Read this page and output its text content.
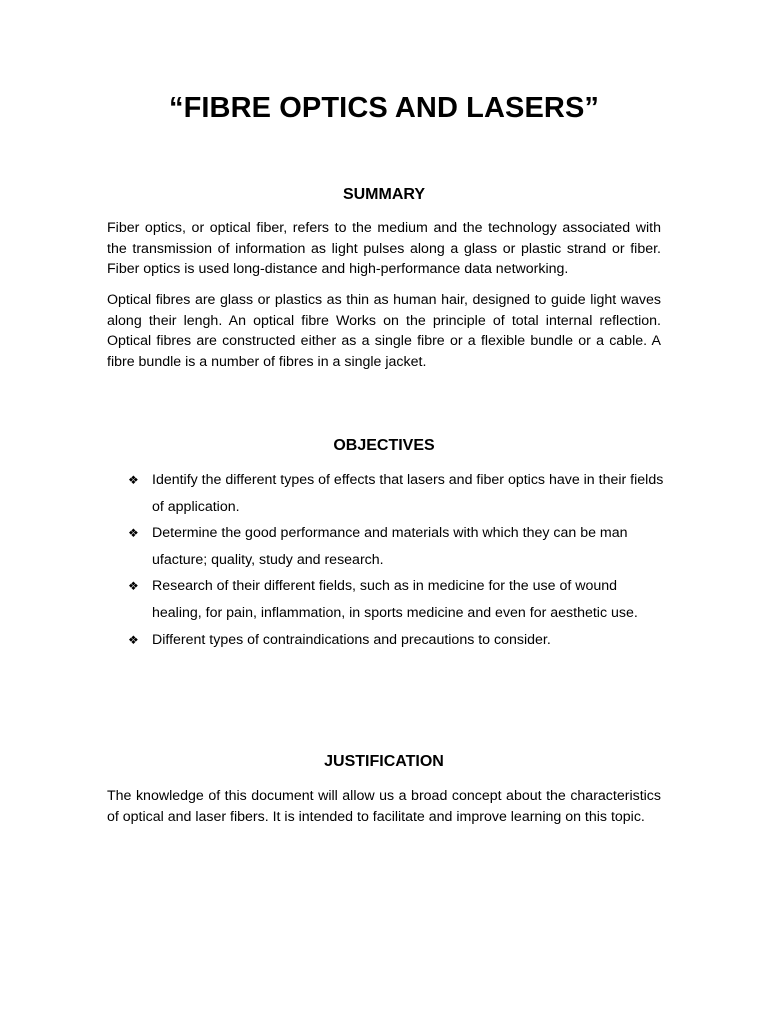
“FIBRE OPTICS AND LASERS”
SUMMARY

Fiber optics, or optical fiber, refers to the medium and the technology associated with the transmission of information as light pulses along a glass or plastic strand or fiber. Fiber optics is used long-distance and high-performance data networking.

Optical fibres are glass or plastics as thin as human hair, designed to guide light waves along their lengh. An optical fibre Works on the principle of total internal reflection. Optical fibres are constructed either as a single fibre or a flexible bundle or a cable. A fibre bundle is a number of fibres in a single jacket.

OBJECTIVES
❖ Identify the different types of effects that lasers and fiber optics have in their fields of application.
❖ Determine the good performance and materials with which they can be man ufacture; quality, study and research.
❖ Research of their different fields, such as in medicine for the use of wound healing, for pain, inflammation, in sports medicine and even for aesthetic use.
❖ Different types of contraindications and precautions to consider.
JUSTIFICATION

The knowledge of this document will allow us a broad concept about the characteristics of optical and laser fibers. It is intended to facilitate and improve learning on this topic.
